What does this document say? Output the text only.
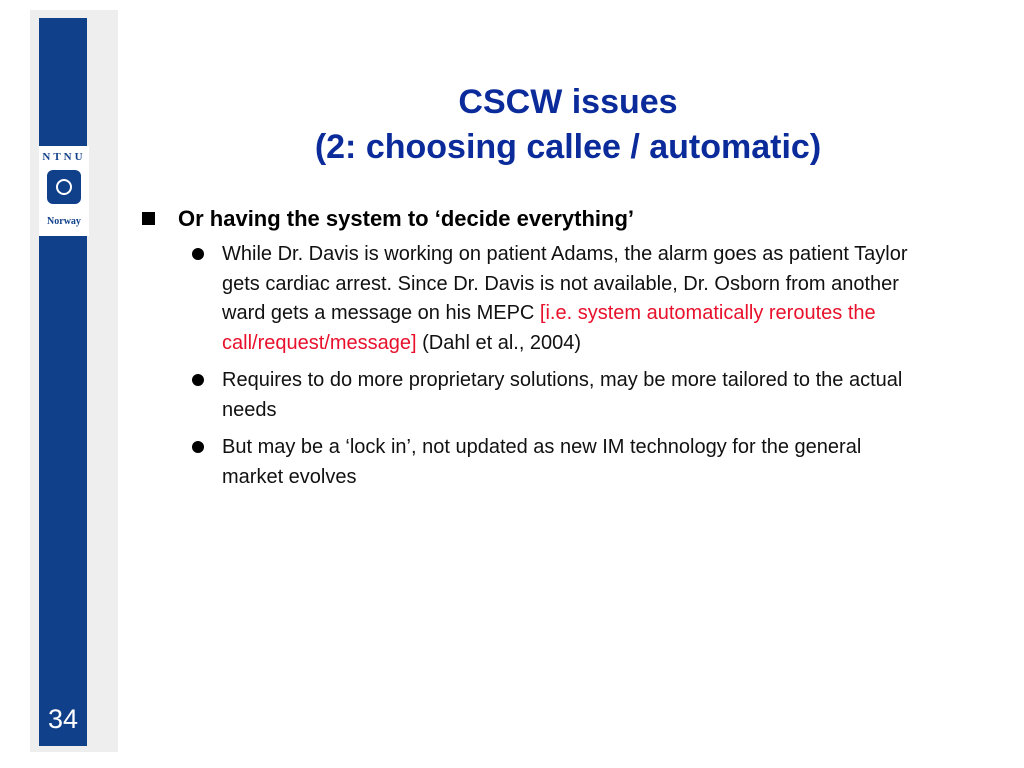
NTNU
Norway
34
CSCW issues
(2: choosing callee / automatic)
Or having the system to ‘decide everything’
While Dr. Davis is working on patient Adams, the alarm goes as patient Taylor gets cardiac arrest. Since Dr. Davis is not available, Dr. Osborn from another ward gets a message on his MEPC [i.e. system automatically reroutes the call/request/message] (Dahl et al., 2004)
Requires to do more proprietary solutions, may be more tailored to the actual needs
But may be a ‘lock in’, not updated as new IM technology for the general market evolves
